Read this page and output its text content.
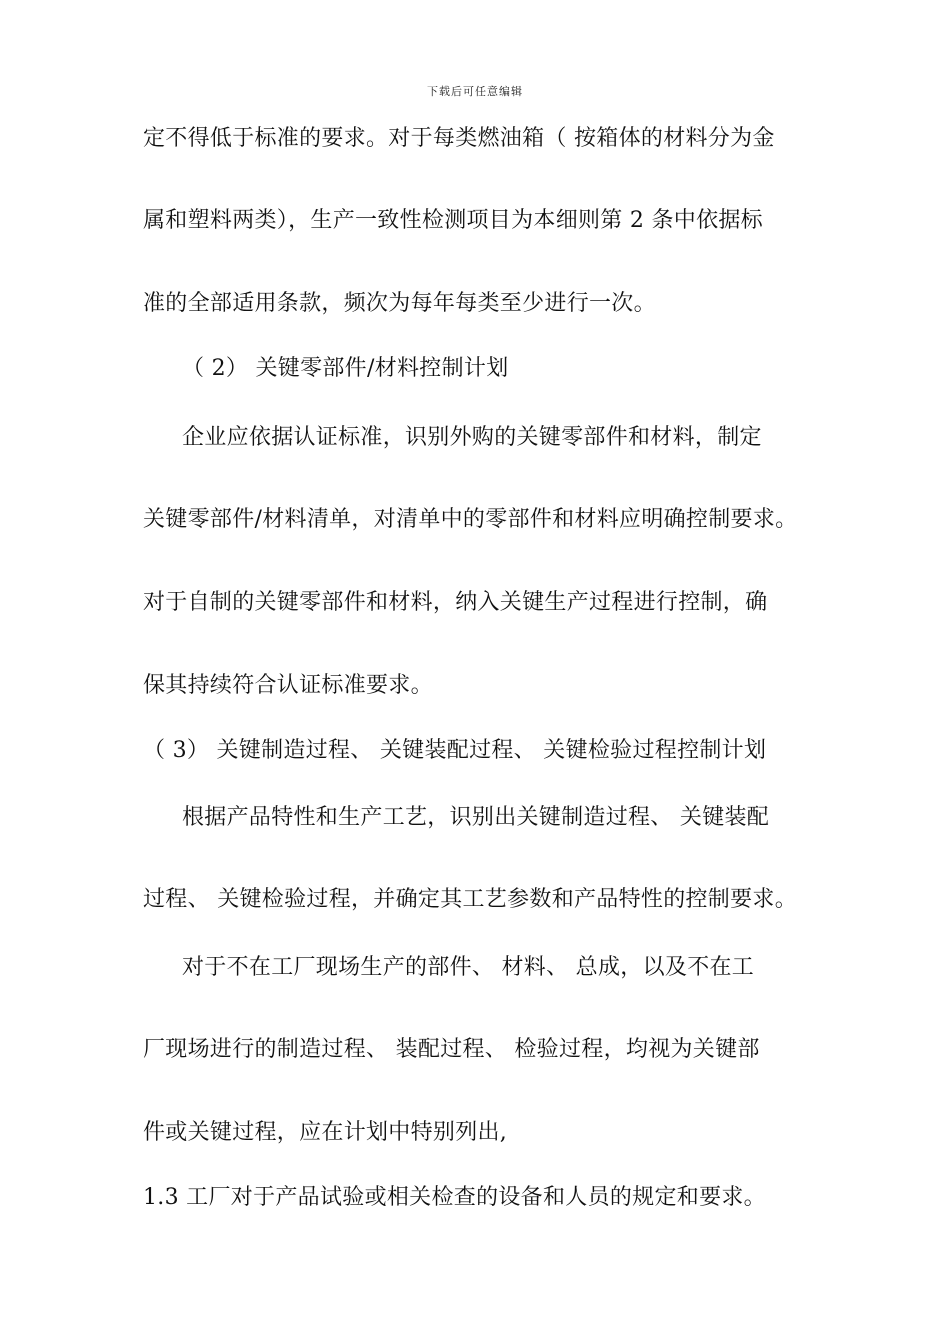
下载后可任意编辑
定不得低于标准的要求。对于每类燃油箱（ 按箱体的材料分为金
属和塑料两类），生产一致性检测项目为本细则第 2 条中依据标
准的全部适用条款，频次为每年每类至少进行一次。
（ 2） 关键零部件/材料控制计划
企业应依据认证标准，识别外购的关键零部件和材料，制定
关键零部件/材料清单，对清单中的零部件和材料应明确控制要求。
对于自制的关键零部件和材料，纳入关键生产过程进行控制，确
保其持续符合认证标准要求。
（ 3） 关键制造过程、 关键装配过程、 关键检验过程控制计划
根据产品特性和生产工艺，识别出关键制造过程、 关键装配
过程、 关键检验过程，并确定其工艺参数和产品特性的控制要求。
对于不在工厂现场生产的部件、 材料、 总成，以及不在工
厂现场进行的制造过程、 装配过程、 检验过程，均视为关键部
件或关键过程，应在计划中特别列出,
1.3 工厂对于产品试验或相关检查的设备和人员的规定和要求。
